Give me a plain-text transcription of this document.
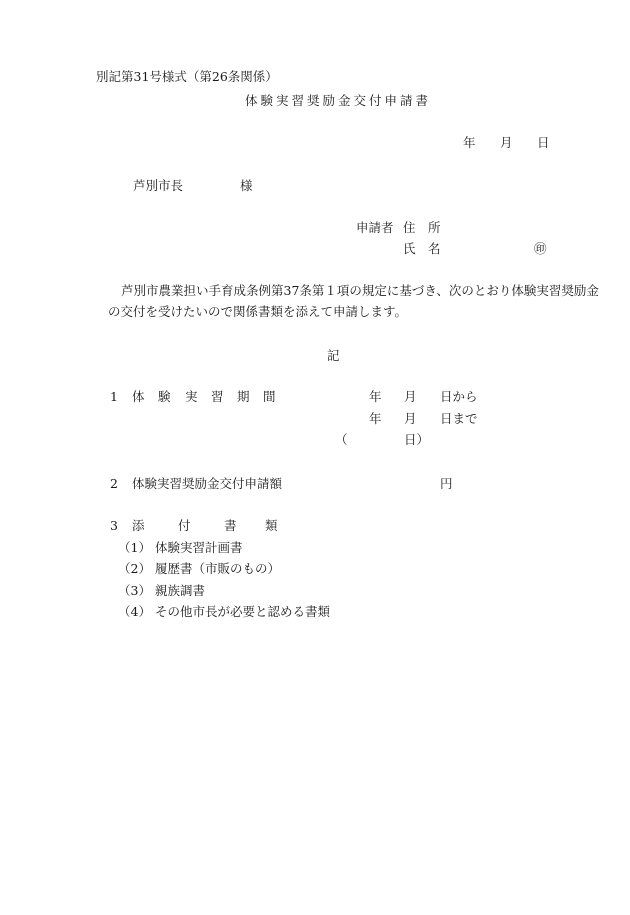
別記第31号様式（第26条関係）
体験実習奨励金交付申請書
年 月 日
芦別市長	様
申請者 住　所
氏　名	㊞
芦別市農業担い手育成条例第37条第１項の規定に基づき、次のとおり体験実習奨励金
の交付を受けたいので関係書類を添えて申請します。
記
1 体 験 実 習 期 間	年 月 日から
年 月 日まで
（	日）
2 体験実習奨励金交付申請額	円
3 添	付	書 類
（1） 体験実習計画書
（2） 履歴書（市販のもの）
（3） 親族調書
（4） その他市長が必要と認める書類
